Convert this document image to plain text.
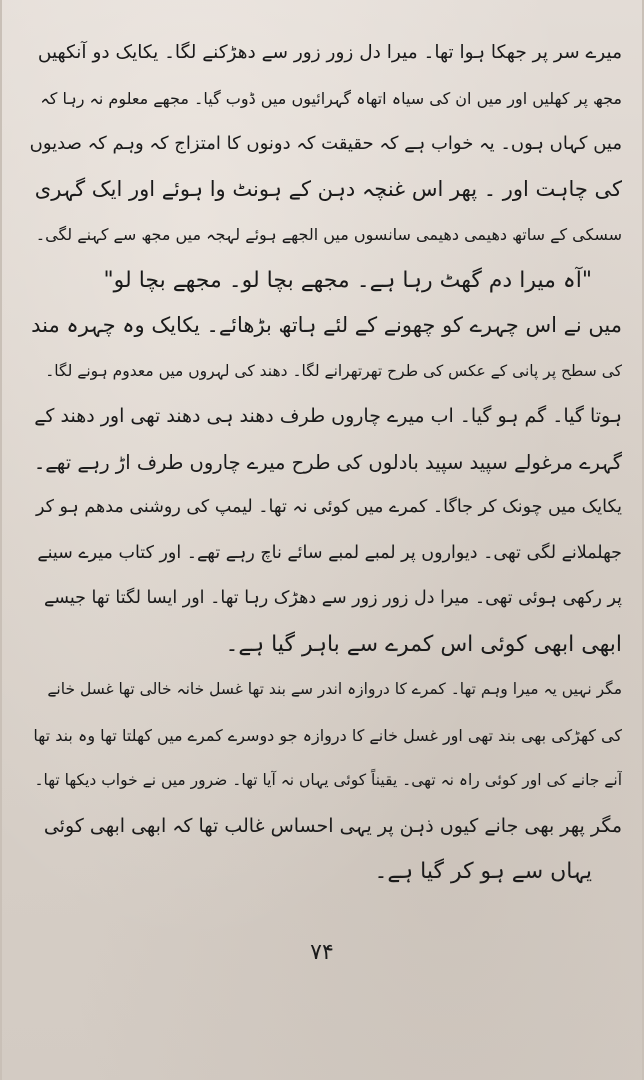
میرے سر پر جھکا ہوا تھا۔ میرا دل زور زور سے دھڑکنے لگا۔ یکایک دو آنکھیں
مجھ پر کھلیں اور میں ان کی سیاہ اتھاہ گہرائیوں میں ڈوب گیا۔ مجھے معلوم نہ رہا کہ
میں کہاں ہوں۔ یہ خواب ہے کہ حقیقت کہ دونوں کا امتزاج کہ وہم کہ صدیوں
کی چاہت اور ۔ پھر اس غنچہ دہن کے ہونٹ وا ہوئے اور ایک گہری
سسکی کے ساتھ دھیمی دھیمی سانسوں میں الجھے ہوئے لہجہ میں مجھ سے کہنے لگی۔
"آہ میرا دم گھٹ رہا ہے۔ مجھے بچا لو۔ مجھے بچا لو"
میں نے اس چہرے کو چھونے کے لئے ہاتھ بڑھائے۔ یکایک وہ چہرہ مند
کی سطح پر پانی کے عکس کی طرح تھرتھرانے لگا۔ دھند کی لہروں میں معدوم ہونے لگا۔
ہوتا گیا۔ گم ہو گیا۔ اب میرے چاروں طرف دھند ہی دھند تھی اور دھند کے
گہرے مرغولے سپید سپید بادلوں کی طرح میرے چاروں طرف اڑ رہے تھے۔
یکایک میں چونک کر جاگا۔ کمرے میں کوئی نہ تھا۔ لیمپ کی روشنی مدھم ہو کر
جھلملانے لگی تھی۔ دیواروں پر لمبے لمبے سائے ناچ رہے تھے۔ اور کتاب میرے سینے
پر رکھی ہوئی تھی۔ میرا دل زور زور سے دھڑک رہا تھا۔ اور ایسا لگتا تھا جیسے
ابھی ابھی کوئی اس کمرے سے باہر گیا ہے۔
مگر نہیں یہ میرا وہم تھا۔ کمرے کا دروازہ اندر سے بند تھا غسل خانہ خالی تھا غسل خانے
کی کھڑکی بھی بند تھی اور غسل خانے کا دروازہ جو دوسرے کمرے میں کھلتا تھا وہ بند تھا
آنے جانے کی اور کوئی راہ نہ تھی۔ یقیناً کوئی یہاں نہ آیا تھا۔ ضرور میں نے خواب دیکھا تھا۔
مگر پھر بھی جانے کیوں ذہن پر یہی احساس غالب تھا کہ ابھی ابھی کوئی
یہاں سے ہو کر گیا ہے۔
۷۴
